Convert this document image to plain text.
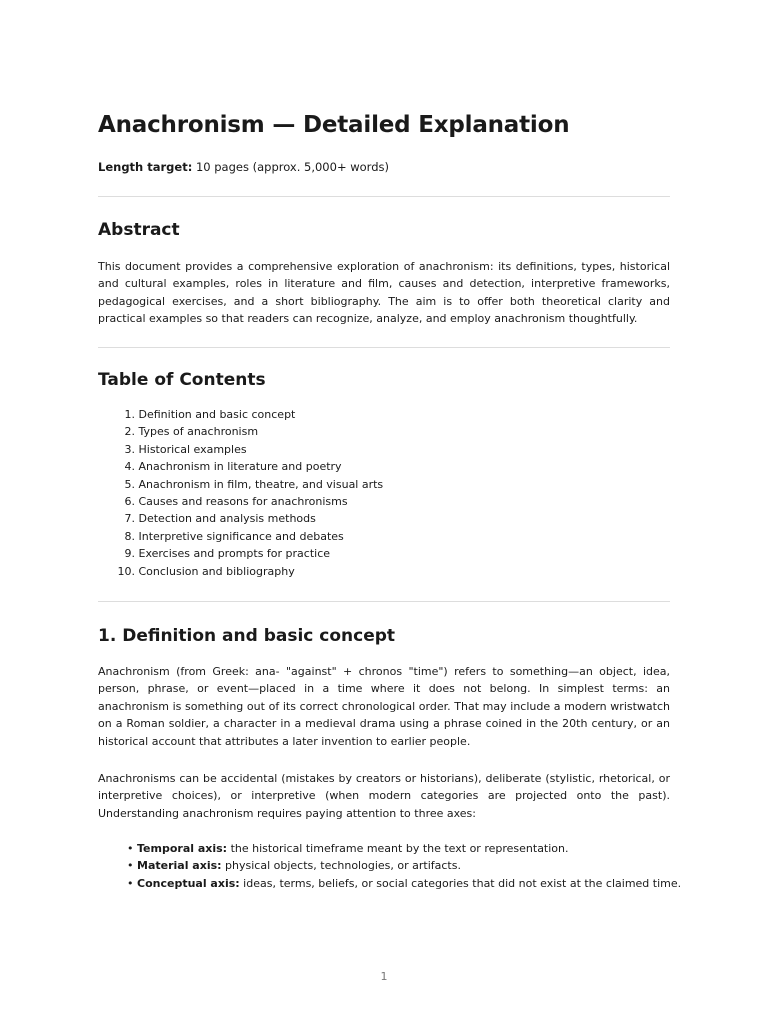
Anachronism — Detailed Explanation
Length target: 10 pages (approx. 5,000+ words)
Abstract

This document provides a comprehensive exploration of anachronism: its definitions, types, historical and cultural examples, roles in literature and film, causes and detection, interpretive frameworks, pedagogical exercises, and a short bibliography. The aim is to offer both theoretical clarity and practical examples so that readers can recognize, analyze, and employ anachronism thoughtfully.

Table of Contents
1. Definition and basic concept
2. Types of anachronism
3. Historical examples
4. Anachronism in literature and poetry
5. Anachronism in film, theatre, and visual arts
6. Causes and reasons for anachronisms
7. Detection and analysis methods
8. Interpretive significance and debates
9. Exercises and prompts for practice
10. Conclusion and bibliography
1. Definition and basic concept

Anachronism (from Greek: ana- "against" + chronos "time") refers to something—an object, idea, person, phrase, or event—placed in a time where it does not belong. In simplest terms: an anachronism is something out of its correct chronological order. That may include a modern wristwatch on a Roman soldier, a character in a medieval drama using a phrase coined in the 20th century, or an historical account that attributes a later invention to earlier people.

Anachronisms can be accidental (mistakes by creators or historians), deliberate (stylistic, rhetorical, or interpretive choices), or interpretive (when modern categories are projected onto the past). Understanding anachronism requires paying attention to three axes:

• Temporal axis: the historical timeframe meant by the text or representation.
• Material axis: physical objects, technologies, or artifacts.
• Conceptual axis: ideas, terms, beliefs, or social categories that did not exist at the claimed time.
1
